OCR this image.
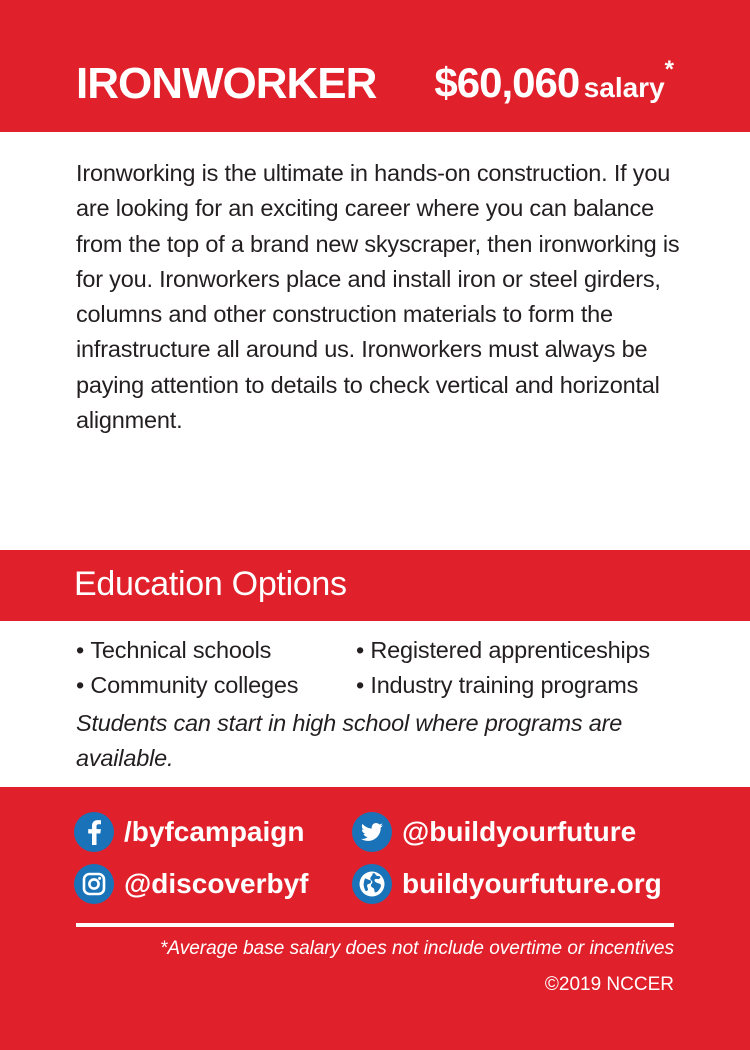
IRONWORKER $60,060 salary*
Ironworking is the ultimate in hands-on construction. If you are looking for an exciting career where you can balance from the top of a brand new skyscraper, then ironworking is for you. Ironworkers place and install iron or steel girders, columns and other construction materials to form the infrastructure all around us. Ironworkers must always be paying attention to details to check vertical and horizontal alignment.
Education Options
• Technical schools
• Community colleges
• Registered apprenticeships
• Industry training programs
Students can start in high school where programs are available.
/byfcampaign	@buildyourfuture
@discoverbyf	buildyourfuture.org
*Average base salary does not include overtime or incentives
©2019 NCCER
